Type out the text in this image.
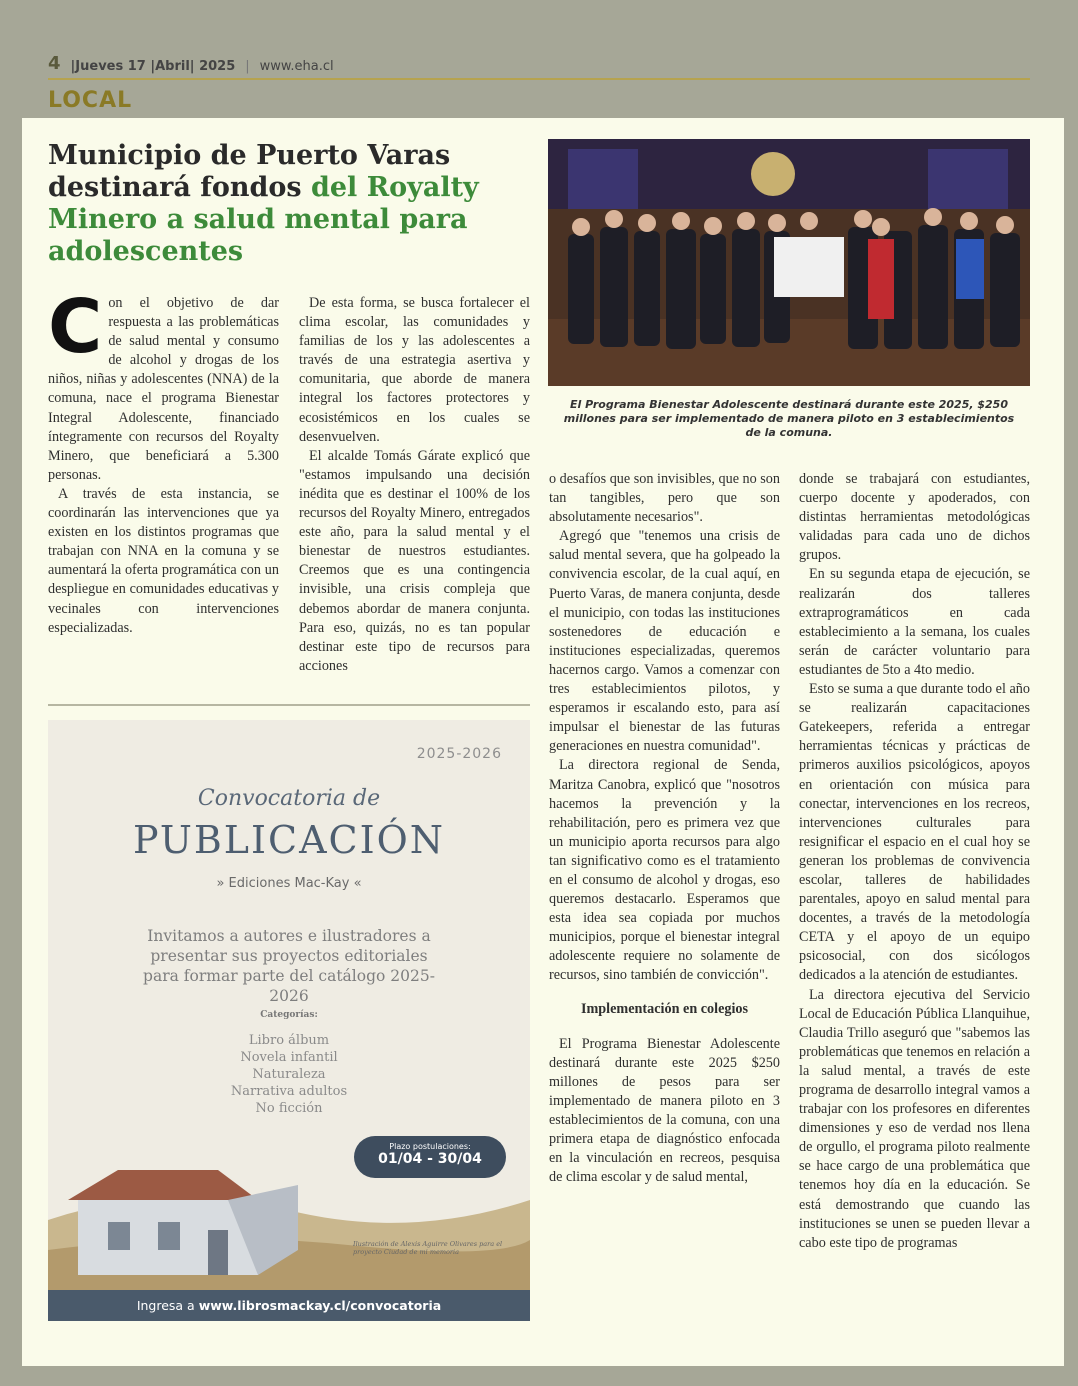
4 |Jueves 17 |Abril| 2025 | www.eha.cl
LOCAL
Municipio de Puerto Varas destinará fondos del Royalty Minero a salud mental para adolescentes

Con el objetivo de dar respuesta a las problemáticas de salud mental y consumo de alcohol y drogas de los niños, niñas y adolescentes (NNA) de la comuna, nace el programa Bienestar Integral Adolescente, financiado íntegramente con recursos del Royalty Minero, que beneficiará a 5.300 personas.

A través de esta instancia, se coordinarán las intervenciones que ya existen en los distintos programas que trabajan con NNA en la comuna y se aumentará la oferta programática con un despliegue en comunidades educativas y vecinales con intervenciones especializadas.

De esta forma, se busca fortalecer el clima escolar, las comunidades y familias de los y las adolescentes a través de una estrategia asertiva y comunitaria, que aborde de manera integral los factores protectores y ecosistémicos en los cuales se desenvuelven.

El alcalde Tomás Gárate explicó que "estamos impulsando una decisión inédita que es destinar el 100% de los recursos del Royalty Minero, entregados este año, para la salud mental y el bienestar de nuestros estudiantes. Creemos que es una contingencia invisible, una crisis compleja que debemos abordar de manera conjunta. Para eso, quizás, no es tan popular destinar este tipo de recursos para acciones

El Programa Bienestar Adolescente destinará durante este 2025, $250 millones para ser implementado de manera piloto en 3 establecimientos de la comuna.

o desafíos que son invisibles, que no son tan tangibles, pero que son absolutamente necesarios".

Agregó que "tenemos una crisis de salud mental severa, que ha golpeado la convivencia escolar, de la cual aquí, en Puerto Varas, de manera conjunta, desde el municipio, con todas las instituciones sostenedores de educación e instituciones especializadas, queremos hacernos cargo. Vamos a comenzar con tres establecimientos pilotos, y esperamos ir escalando esto, para así impulsar el bienestar de las futuras generaciones en nuestra comunidad".

La directora regional de Senda, Maritza Canobra, explicó que "nosotros hacemos la prevención y la rehabilitación, pero es primera vez que un municipio aporta recursos para algo tan significativo como es el tratamiento en el consumo de alcohol y drogas, eso queremos destacarlo. Esperamos que esta idea sea copiada por muchos municipios, porque el bienestar integral adolescente requiere no solamente de recursos, sino también de convicción".

Implementación en colegios

El Programa Bienestar Adolescente destinará durante este 2025 $250 millones de pesos para ser implementado de manera piloto en 3 establecimientos de la comuna, con una primera etapa de diagnóstico enfocada en la vinculación en recreos, pesquisa de clima escolar y de salud mental,

donde se trabajará con estudiantes, cuerpo docente y apoderados, con distintas herramientas metodológicas validadas para cada uno de dichos grupos.

En su segunda etapa de ejecución, se realizarán dos talleres extraprogramáticos en cada establecimiento a la semana, los cuales serán de carácter voluntario para estudiantes de 5to a 4to medio.

Esto se suma a que durante todo el año se realizarán capacitaciones Gatekeepers, referida a entregar herramientas técnicas y prácticas de primeros auxilios psicológicos, apoyos en orientación con música para conectar, intervenciones en los recreos, intervenciones culturales para resignificar el espacio en el cual hoy se generan los problemas de convivencia escolar, talleres de habilidades parentales, apoyo en salud mental para docentes, a través de la metodología CETA y el apoyo de un equipo psicosocial, con dos sicólogos dedicados a la atención de estudiantes.

La directora ejecutiva del Servicio Local de Educación Pública Llanquihue, Claudia Trillo aseguró que "sabemos las problemáticas que tenemos en relación a la salud mental, a través de este programa de desarrollo integral vamos a trabajar con los profesores en diferentes dimensiones y eso de verdad nos llena de orgullo, el programa piloto realmente se hace cargo de una problemática que tenemos hoy día en la educación. Se está demostrando que cuando las instituciones se unen se pueden llevar a cabo este tipo de programas

2025-2026
Convocatoria de
PUBLICACIÓN
» Ediciones Mac-Kay «
Invitamos a autores e ilustradores a presentar sus proyectos editoriales para formar parte del catálogo 2025-2026
Categorías:
Libro álbum
Novela infantil
Naturaleza
Narrativa adultos
No ficción
Plazo postulaciones:
01/04 - 30/04
Ilustración de Alexis Aguirre Olivares para el proyecto Ciudad de mi memoria
Ingresa a www.librosmackay.cl/convocatoria
